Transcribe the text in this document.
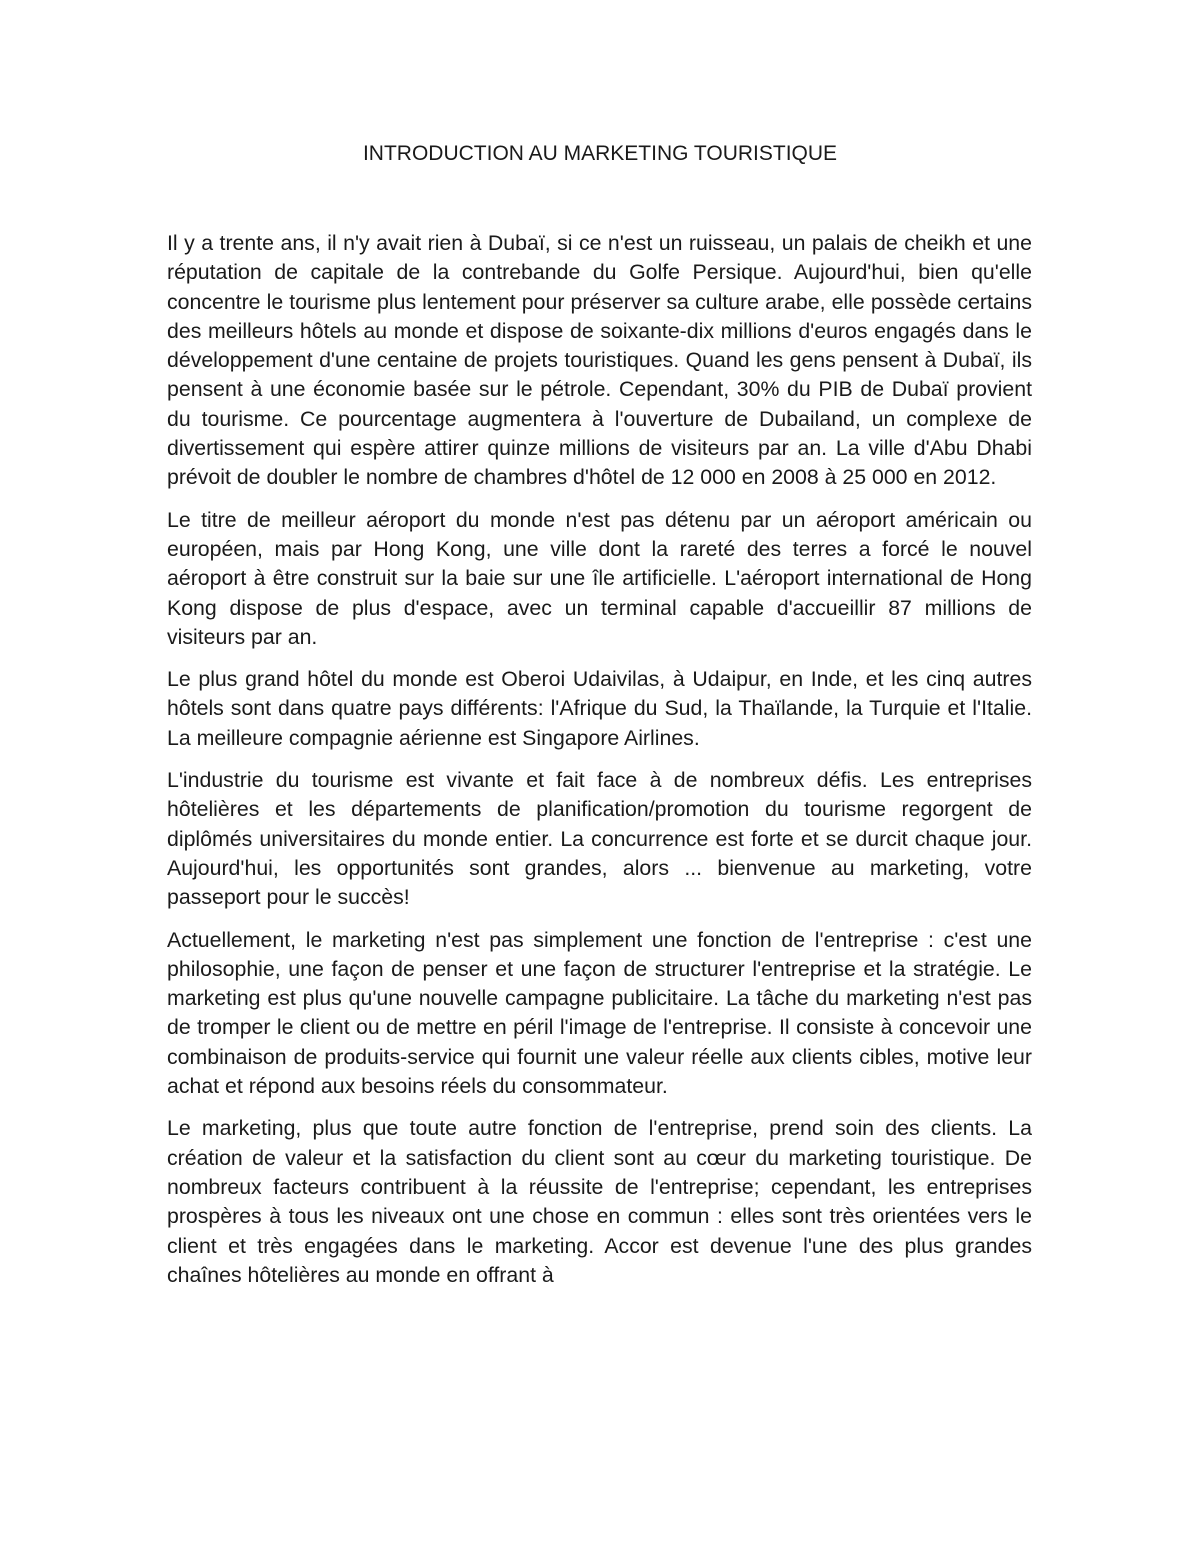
INTRODUCTION AU MARKETING TOURISTIQUE

Il y a trente ans, il n'y avait rien à Dubaï, si ce n'est un ruisseau, un palais de cheikh et une réputation de capitale de la contrebande du Golfe Persique. Aujourd'hui, bien qu'elle concentre le tourisme plus lentement pour préserver sa culture arabe, elle possède certains des meilleurs hôtels au monde et dispose de soixante-dix millions d'euros engagés dans le développement d'une centaine de projets touristiques. Quand les gens pensent à Dubaï, ils pensent à une économie basée sur le pétrole. Cependant, 30% du PIB de Dubaï provient du tourisme. Ce pourcentage augmentera à l'ouverture de Dubailand, un complexe de divertissement qui espère attirer quinze millions de visiteurs par an. La ville d'Abu Dhabi prévoit de doubler le nombre de chambres d'hôtel de 12 000 en 2008 à 25 000 en 2012.

Le titre de meilleur aéroport du monde n'est pas détenu par un aéroport américain ou européen, mais par Hong Kong, une ville dont la rareté des terres a forcé le nouvel aéroport à être construit sur la baie sur une île artificielle. L'aéroport international de Hong Kong dispose de plus d'espace, avec un terminal capable d'accueillir 87 millions de visiteurs par an.

Le plus grand hôtel du monde est Oberoi Udaivilas, à Udaipur, en Inde, et les cinq autres hôtels sont dans quatre pays différents: l'Afrique du Sud, la Thaïlande, la Turquie et l'Italie. La meilleure compagnie aérienne est Singapore Airlines.

L'industrie du tourisme est vivante et fait face à de nombreux défis. Les entreprises hôtelières et les départements de planification/promotion du tourisme regorgent de diplômés universitaires du monde entier. La concurrence est forte et se durcit chaque jour. Aujourd'hui, les opportunités sont grandes, alors ... bienvenue au marketing, votre passeport pour le succès!

Actuellement, le marketing n'est pas simplement une fonction de l'entreprise : c'est une philosophie, une façon de penser et une façon de structurer l'entreprise et la stratégie. Le marketing est plus qu'une nouvelle campagne publicitaire. La tâche du marketing n'est pas de tromper le client ou de mettre en péril l'image de l'entreprise. Il consiste à concevoir une combinaison de produits-service qui fournit une valeur réelle aux clients cibles, motive leur achat et répond aux besoins réels du consommateur.

Le marketing, plus que toute autre fonction de l'entreprise, prend soin des clients. La création de valeur et la satisfaction du client sont au cœur du marketing touristique. De nombreux facteurs contribuent à la réussite de l'entreprise; cependant, les entreprises prospères à tous les niveaux ont une chose en commun : elles sont très orientées vers le client et très engagées dans le marketing. Accor est devenue l'une des plus grandes chaînes hôtelières au monde en offrant à
